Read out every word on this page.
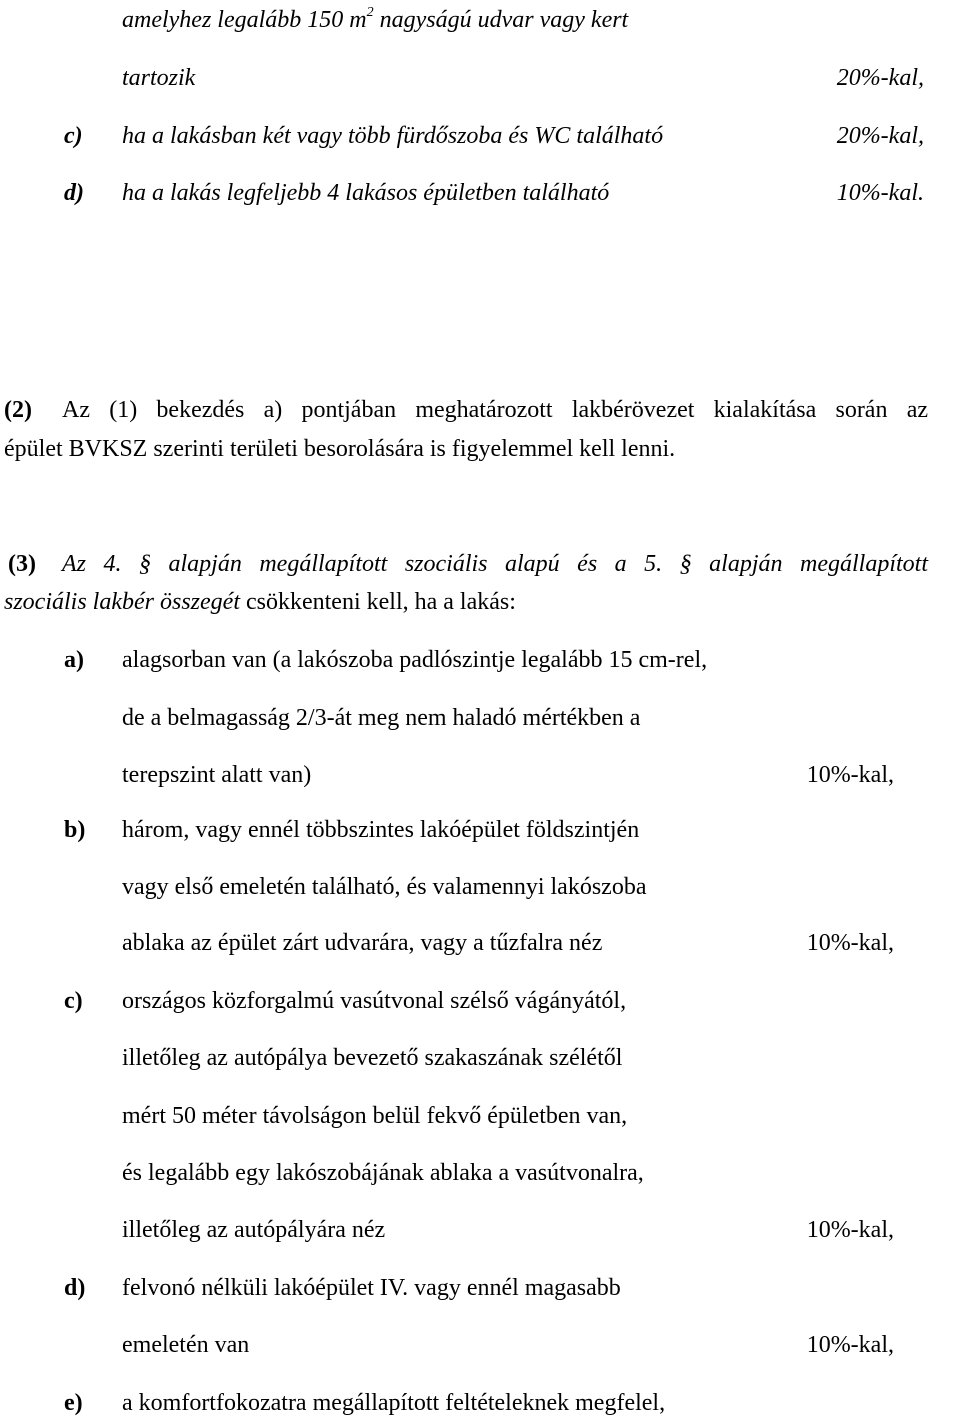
amelyhez legalább 150 $m^2$ nagyságú udvar vagy kert
tartozik	20%-kal,
c) ha a lakásban két vagy több fürdőszoba és WC található	20%-kal,
d) ha a lakás legfeljebb 4 lakásos épületben található	10%-kal.
(2) Az (1) bekezdés a) pontjában meghatározott lakbérövezet kialakítása során az
épület BVKSZ szerinti területi besorolására is figyelemmel kell lenni.
(3) Az 4. § alapján megállapított szociális alapú és a 5. § alapján megállapított
szociális lakbér összegét csökkenteni kell, ha a lakás:
a) alagsorban van (a lakószoba padlószintje legalább 15 cm-rel,
de a belmagasság 2/3-át meg nem haladó mértékben a
terepszint alatt van)	10%-kal,
b) három, vagy ennél többszintes lakóépület földszintjén
vagy első emeletén található, és valamennyi lakószoba
ablaka az épület zárt udvarára, vagy a tűzfalra néz	10%-kal,
c) országos közforgalmú vasútvonal szélső vágányától,
illetőleg az autópálya bevezető szakaszának szélétől
mért 50 méter távolságon belül fekvő épületben van,
és legalább egy lakószobájának ablaka a vasútvonalra,
illetőleg az autópályára néz	10%-kal,
d) felvonó nélküli lakóépület IV. vagy ennél magasabb
emeletén van	10%-kal,
e) a komfortfokozatra megállapított feltételeknek megfelel,
